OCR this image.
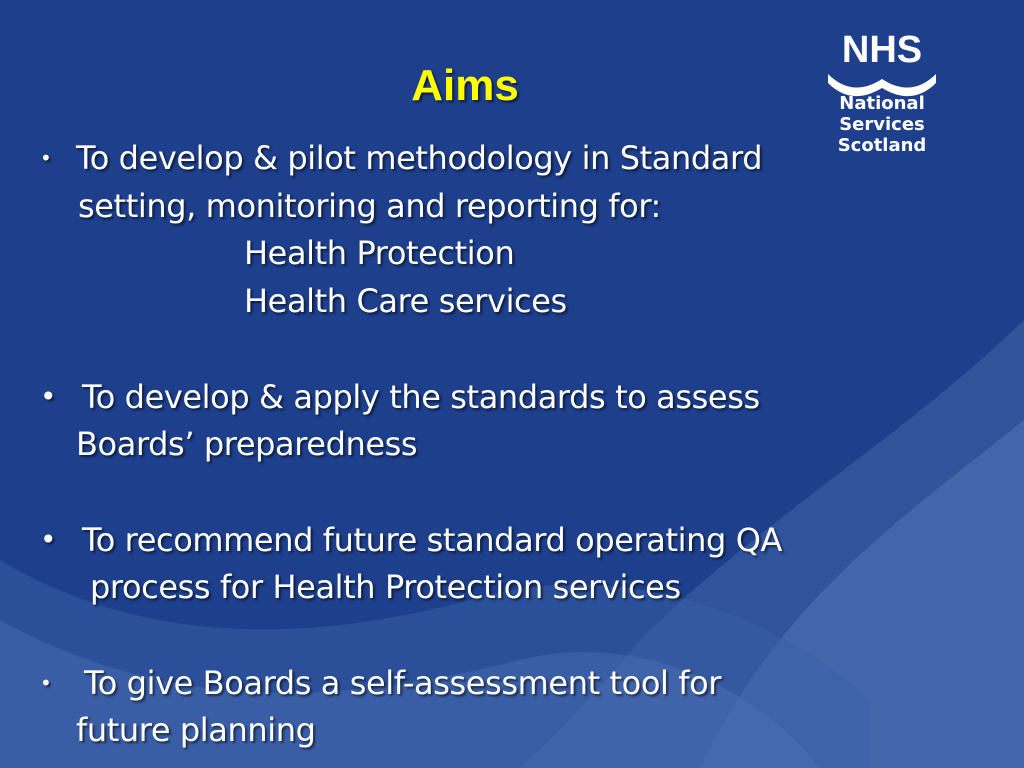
Aims
NHS
National
Services
Scotland
• To develop & pilot methodology in Standard
setting, monitoring and reporting for:
Health Protection
Health Care services
• To develop & apply the standards to assess
Boards’ preparedness
• To recommend future standard operating QA
process for Health Protection services
• To give Boards a self-assessment tool for
future planning
